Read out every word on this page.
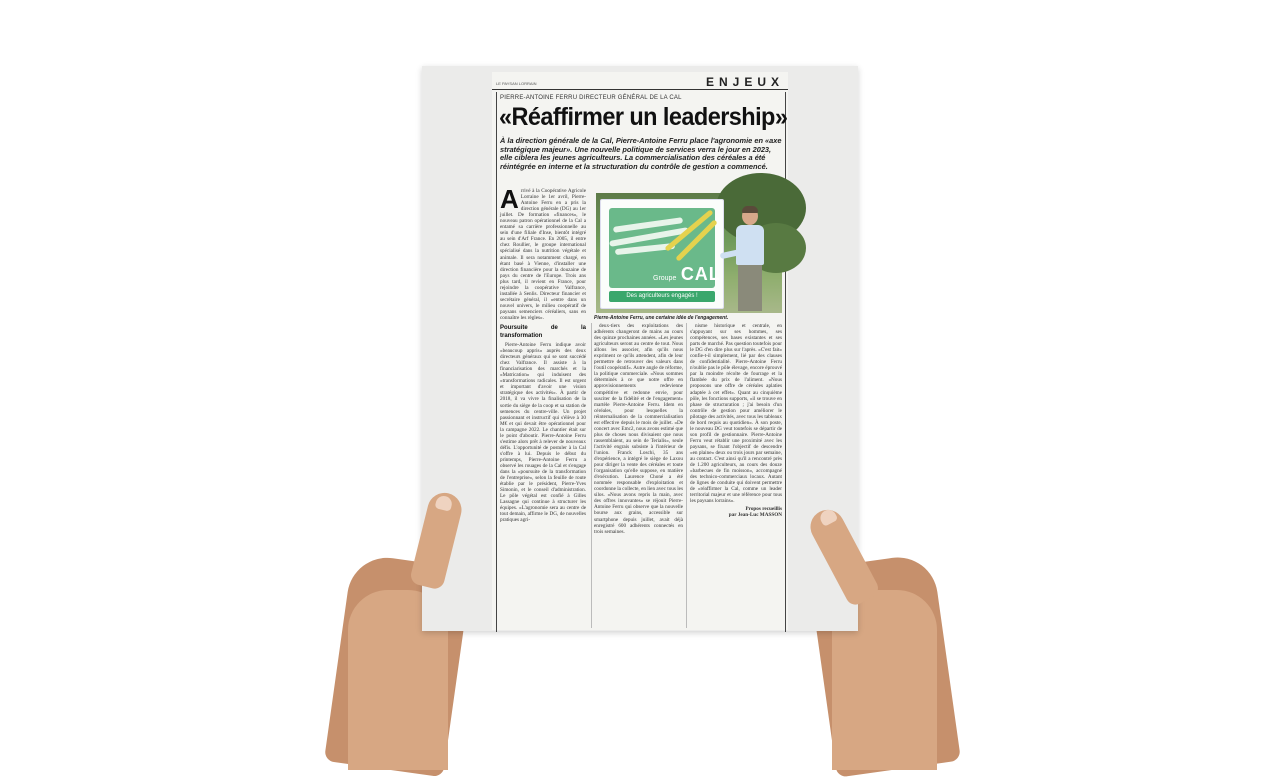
LE PAYSAN LORRAIN	ENJEUX
PIERRE-ANTOINE FERRU DIRECTEUR GÉNÉRAL DE LA CAL
«Réaffirmer un leadership»

À la direction générale de la Cal, Pierre-Antoine Ferru place l'agronomie en «axe stratégique majeur». Une nouvelle politique de services verra le jour en 2023, elle ciblera les jeunes agriculteurs. La commercialisation des céréales a été réintégrée en interne et la structuration du contrôle de gestion a commencé.

A rrivé à la Coopérative Agricole Lorraine le 1er avril, Pierre-Antoine Ferru en a pris la direction générale (DG) au 1er juillet. De formation «finances», le nouveau patron opérationnel de la Cal a entamé sa carrière professionnelle au sein d'une filiale d'Inse, bientôt intégré au sein d'Arf France. En 2005, il entre chez Roullier, le groupe international spécialisé dans la nutrition végétale et animale. Il sera notamment chargé, en étant basé à Vienne, d'installer une direction financière pour la douzaine de pays du centre de l'Europe. Trois ans plus tard, il revient en France, pour rejoindre la coopérative Valfrance, installée à Senlis. Directeur financier et secrétaire général, il «entre dans un nouvel univers, le milieu coopératif de paysans semenciers céréaliers, sans en connaître les règles».
Poursuite de la transformation

Pierre-Antoine Ferru indique avoir «beaucoup appris» auprès des deux directeurs généraux qui se sont succédé chez Valfrance. Il assiste à la financiarisation des marchés et la «Matrication» qui induisent des «transformations radicales. Il est urgent et important d'avoir une vision stratégique des activités». À partir de 2018, il va vivre la finalisation de la sortie du siège de la coop et sa station de semences du centre-ville. Un projet passionnant et instructif qui s'élève à 30 M€ et qui devait être opérationnel pour la campagne 2022. Le chantier était sur le point d'aboutir. Pierre-Antoine Ferru s'estime alors prêt à relever de nouveaux défis. L'opportunité de postuler à la Cal s'offre à lui. Depuis le début du printemps, Pierre-Antoine Ferru a observé les rouages de la Cal et s'engage dans la «poursuite de la transformation de l'entreprise», selon la feuille de route établie par le président, Pierre-Yves Simonin, et le conseil d'administration. Le pôle végétal est confié à Gilles Lassagne qui continue à structurer les équipes. «L'agronomie sera au centre de tout demain, affirme le DG, de nouvelles pratiques agri-

Groupe CAL
Des agriculteurs engagés !
Pierre-Antoine Ferru, une certaine idée de l'engagement.

deux-tiers des exploitations des adhérents changeront de mains au cours des quinze prochaines années. «Les jeunes agriculteurs seront au centre de tout. Nous allons les associer, afin qu'ils nous expriment ce qu'ils attendent, afin de leur permettre de retrouver des valeurs dans l'outil coopératif». Autre angle de réforme, la politique commerciale. «Nous sommes déterminés à ce que notre offre en approvisionnements redevienne compétitive et redonne envie, pour susciter de la fidélité et de l'engagement» martèle Pierre-Antoine Ferru. Idem en céréales, pour lesquelles la réinternalisation de la commercialisation est effective depuis le mois de juillet. «De concert avec Emc2, nous avons estimé que plus de choses nous divisaient que nous rassemblaient, au sein de Terialis», seule l'activité engrais subsiste à l'intérieur de l'union. Franck Loschi, 35 ans d'expérience, a intégré le siège de Laxou pour diriger la vente des céréales et toute l'organisation qu'elle suppose, en matière d'exécution. Laurence Choné a été nommée responsable d'exploitation et coordonne la collecte, en lien avec tous les silos. «Nous avons repris la main, avec des offres innovantes» se réjouit Pierre-Antoine Ferru qui observe que la nouvelle bourse aux grains, accessible sur smartphone depuis juillet, avait déjà enregistré 600 adhérents connectés en trois semaines.

nisme historique et centrale, en s'appuyant sur ses hommes, ses compétences, ses bases existantes et ses parts de marché. Pas question toutefois pour le DG d'en dire plus sur l'après. «C'est fait» confie-t-il simplement, lié par des clauses de confidentialité. Pierre-Antoine Ferru n'oublie pas le pôle élevage, encore éprouvé par la moindre récolte de fourrage et la flambée du prix de l'aliment. «Nous proposons une offre de céréales aplaties adaptée à cet effet». Quant au cinquième pôle, les fonctions supports, «il se trouve en phase de structuration ; j'ai besoin d'un contrôle de gestion pour améliorer le pilotage des activités, avec tous les tableaux de bord requis au quotidien». À son poste, le nouveau DG veut toutefois se départir de son profil de gestionnaire. Pierre-Antoine Ferru veut rétablir une proximité avec les paysans, se fixant l'objectif de descendre «en plaine» deux ou trois jours par semaine, au contact. C'est ainsi qu'il a rencontré près de 1.200 agriculteurs, au cours des douze «barbecues de fin moisson», accompagné des technico-commerciaux locaux. Autant de lignes de conduite qui doivent permettre de «réaffirmer la Cal, comme un leader territorial majeur et une référence pour tous les paysans lorrains».

Propos recueillis
par Jean-Luc MASSON
